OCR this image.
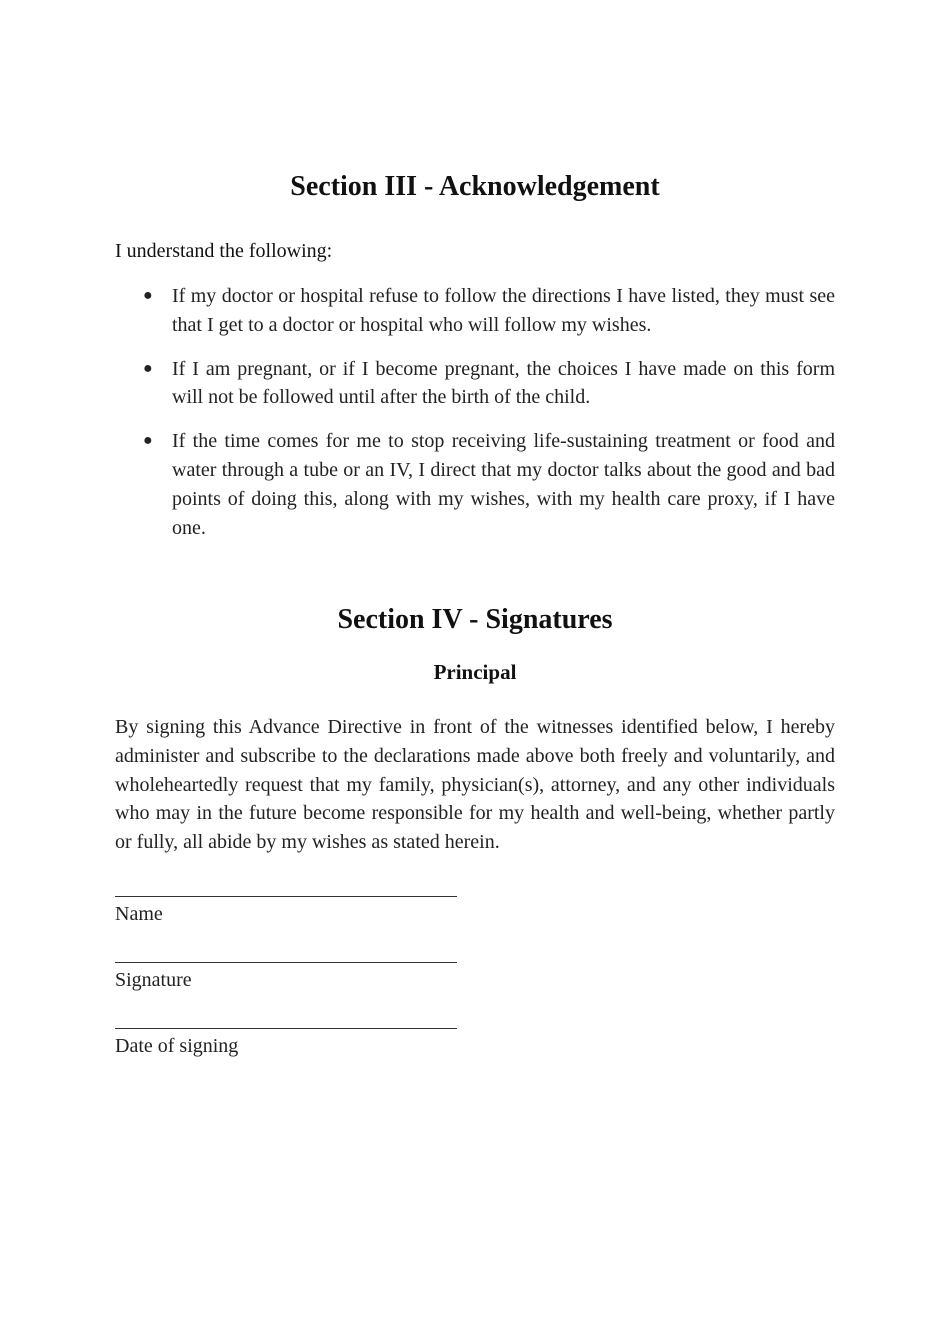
Section III - Acknowledgement

I understand the following:

● If my doctor or hospital refuse to follow the directions I have listed, they must see that I get to a doctor or hospital who will follow my wishes.
● If I am pregnant, or if I become pregnant, the choices I have made on this form will not be followed until after the birth of the child.
● If the time comes for me to stop receiving life-sustaining treatment or food and water through a tube or an IV, I direct that my doctor talks about the good and bad points of doing this, along with my wishes, with my health care proxy, if I have one.
Section IV - Signatures
Principal

By signing this Advance Directive in front of the witnesses identified below, I hereby administer and subscribe to the declarations made above both freely and voluntarily, and wholeheartedly request that my family, physician(s), attorney, and any other individuals who may in the future become responsible for my health and well-being, whether partly or fully, all abide by my wishes as stated herein.

Name
Signature
Date of signing
